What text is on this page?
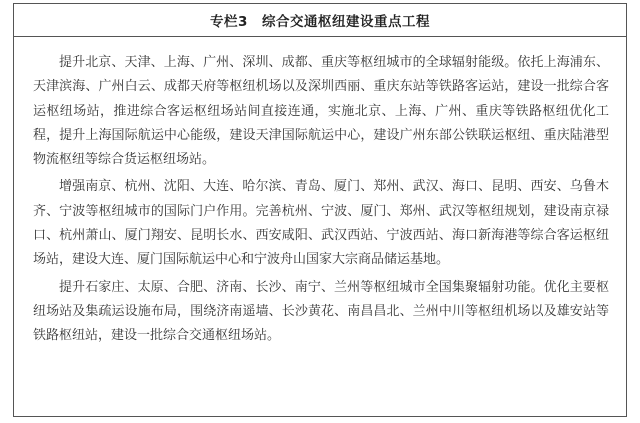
专栏3 综合交通枢纽建设重点工程

提升北京、天津、上海、广州、深圳、成都、重庆等枢纽城市的全球辐射能级。依托上海浦东、天津滨海、广州白云、成都天府等枢纽机场以及深圳西丽、重庆东站等铁路客运站，建设一批综合客运枢纽场站，推进综合客运枢纽场站间直接连通，实施北京、上海、广州、重庆等铁路枢纽优化工程，提升上海国际航运中心能级，建设天津国际航运中心，建设广州东部公铁联运枢纽、重庆陆港型物流枢纽等综合货运枢纽场站。

增强南京、杭州、沈阳、大连、哈尔滨、青岛、厦门、郑州、武汉、海口、昆明、西安、乌鲁木齐、宁波等枢纽城市的国际门户作用。完善杭州、宁波、厦门、郑州、武汉等枢纽规划，建设南京禄口、杭州萧山、厦门翔安、昆明长水、西安咸阳、武汉西站、宁波西站、海口新海港等综合客运枢纽场站，建设大连、厦门国际航运中心和宁波舟山国家大宗商品储运基地。

提升石家庄、太原、合肥、济南、长沙、南宁、兰州等枢纽城市全国集聚辐射功能。优化主要枢纽场站及集疏运设施布局，围绕济南遥墙、长沙黄花、南昌昌北、兰州中川等枢纽机场以及雄安站等铁路枢纽站，建设一批综合交通枢纽场站。
